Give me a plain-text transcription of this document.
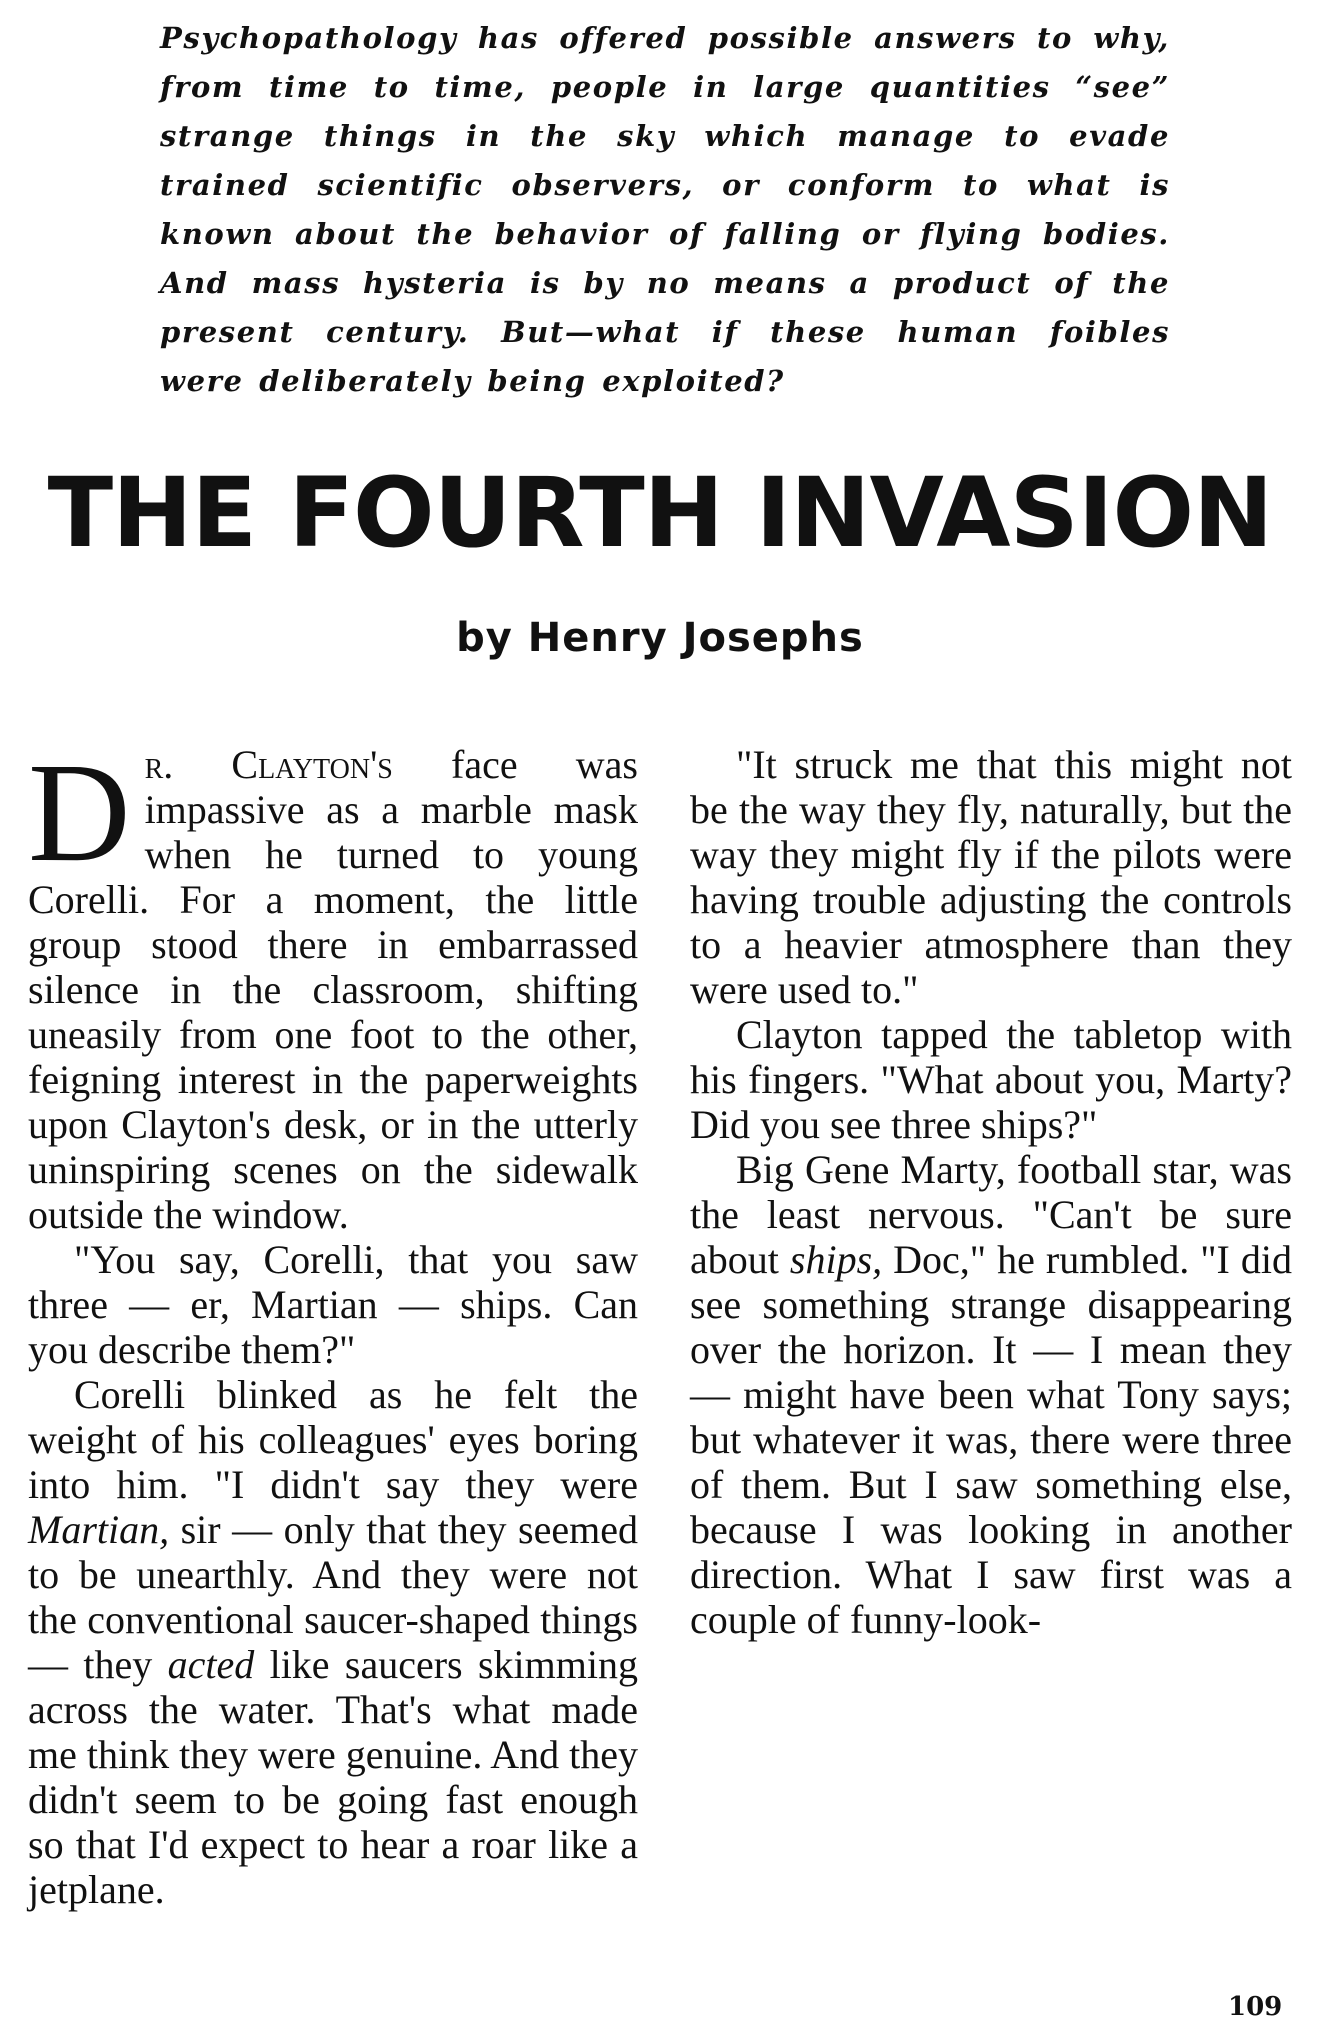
Psychopathology has offered possible answers to why, from time to time, people in large quantities “see” strange things in the sky which manage to evade trained scientific observers, or conform to what is known about the behavior of falling or flying bodies. And mass hysteria is by no means a product of the present century. But—what if these human foibles were deliberately being exploited?

THE FOURTH INVASION

by Henry Josephs

Dr. Clayton's face was impassive as a marble mask when he turned to young Corelli. For a moment, the little group stood there in embarrassed silence in the classroom, shifting uneasily from one foot to the other, feigning interest in the paperweights upon Clayton's desk, or in the utterly uninspiring scenes on the sidewalk outside the window.

"You say, Corelli, that you saw three — er, Martian — ships. Can you describe them?"

Corelli blinked as he felt the weight of his colleagues' eyes boring into him. "I didn't say they were Martian, sir — only that they seemed to be unearthly. And they were not the conventional saucer-shaped things — they acted like saucers skimming across the water. That's what made me think they were genuine. And they didn't seem to be going fast enough so that I'd expect to hear a roar like a jetplane.

"It struck me that this might not be the way they fly, naturally, but the way they might fly if the pilots were having trouble adjusting the controls to a heavier atmosphere than they were used to."

Clayton tapped the tabletop with his fingers. "What about you, Marty? Did you see three ships?"

Big Gene Marty, football star, was the least nervous. "Can't be sure about ships, Doc," he rumbled. "I did see something strange disappearing over the horizon. It — I mean they — might have been what Tony says; but whatever it was, there were three of them. But I saw something else, because I was looking in another direction. What I saw first was a couple of funny-look-

109
